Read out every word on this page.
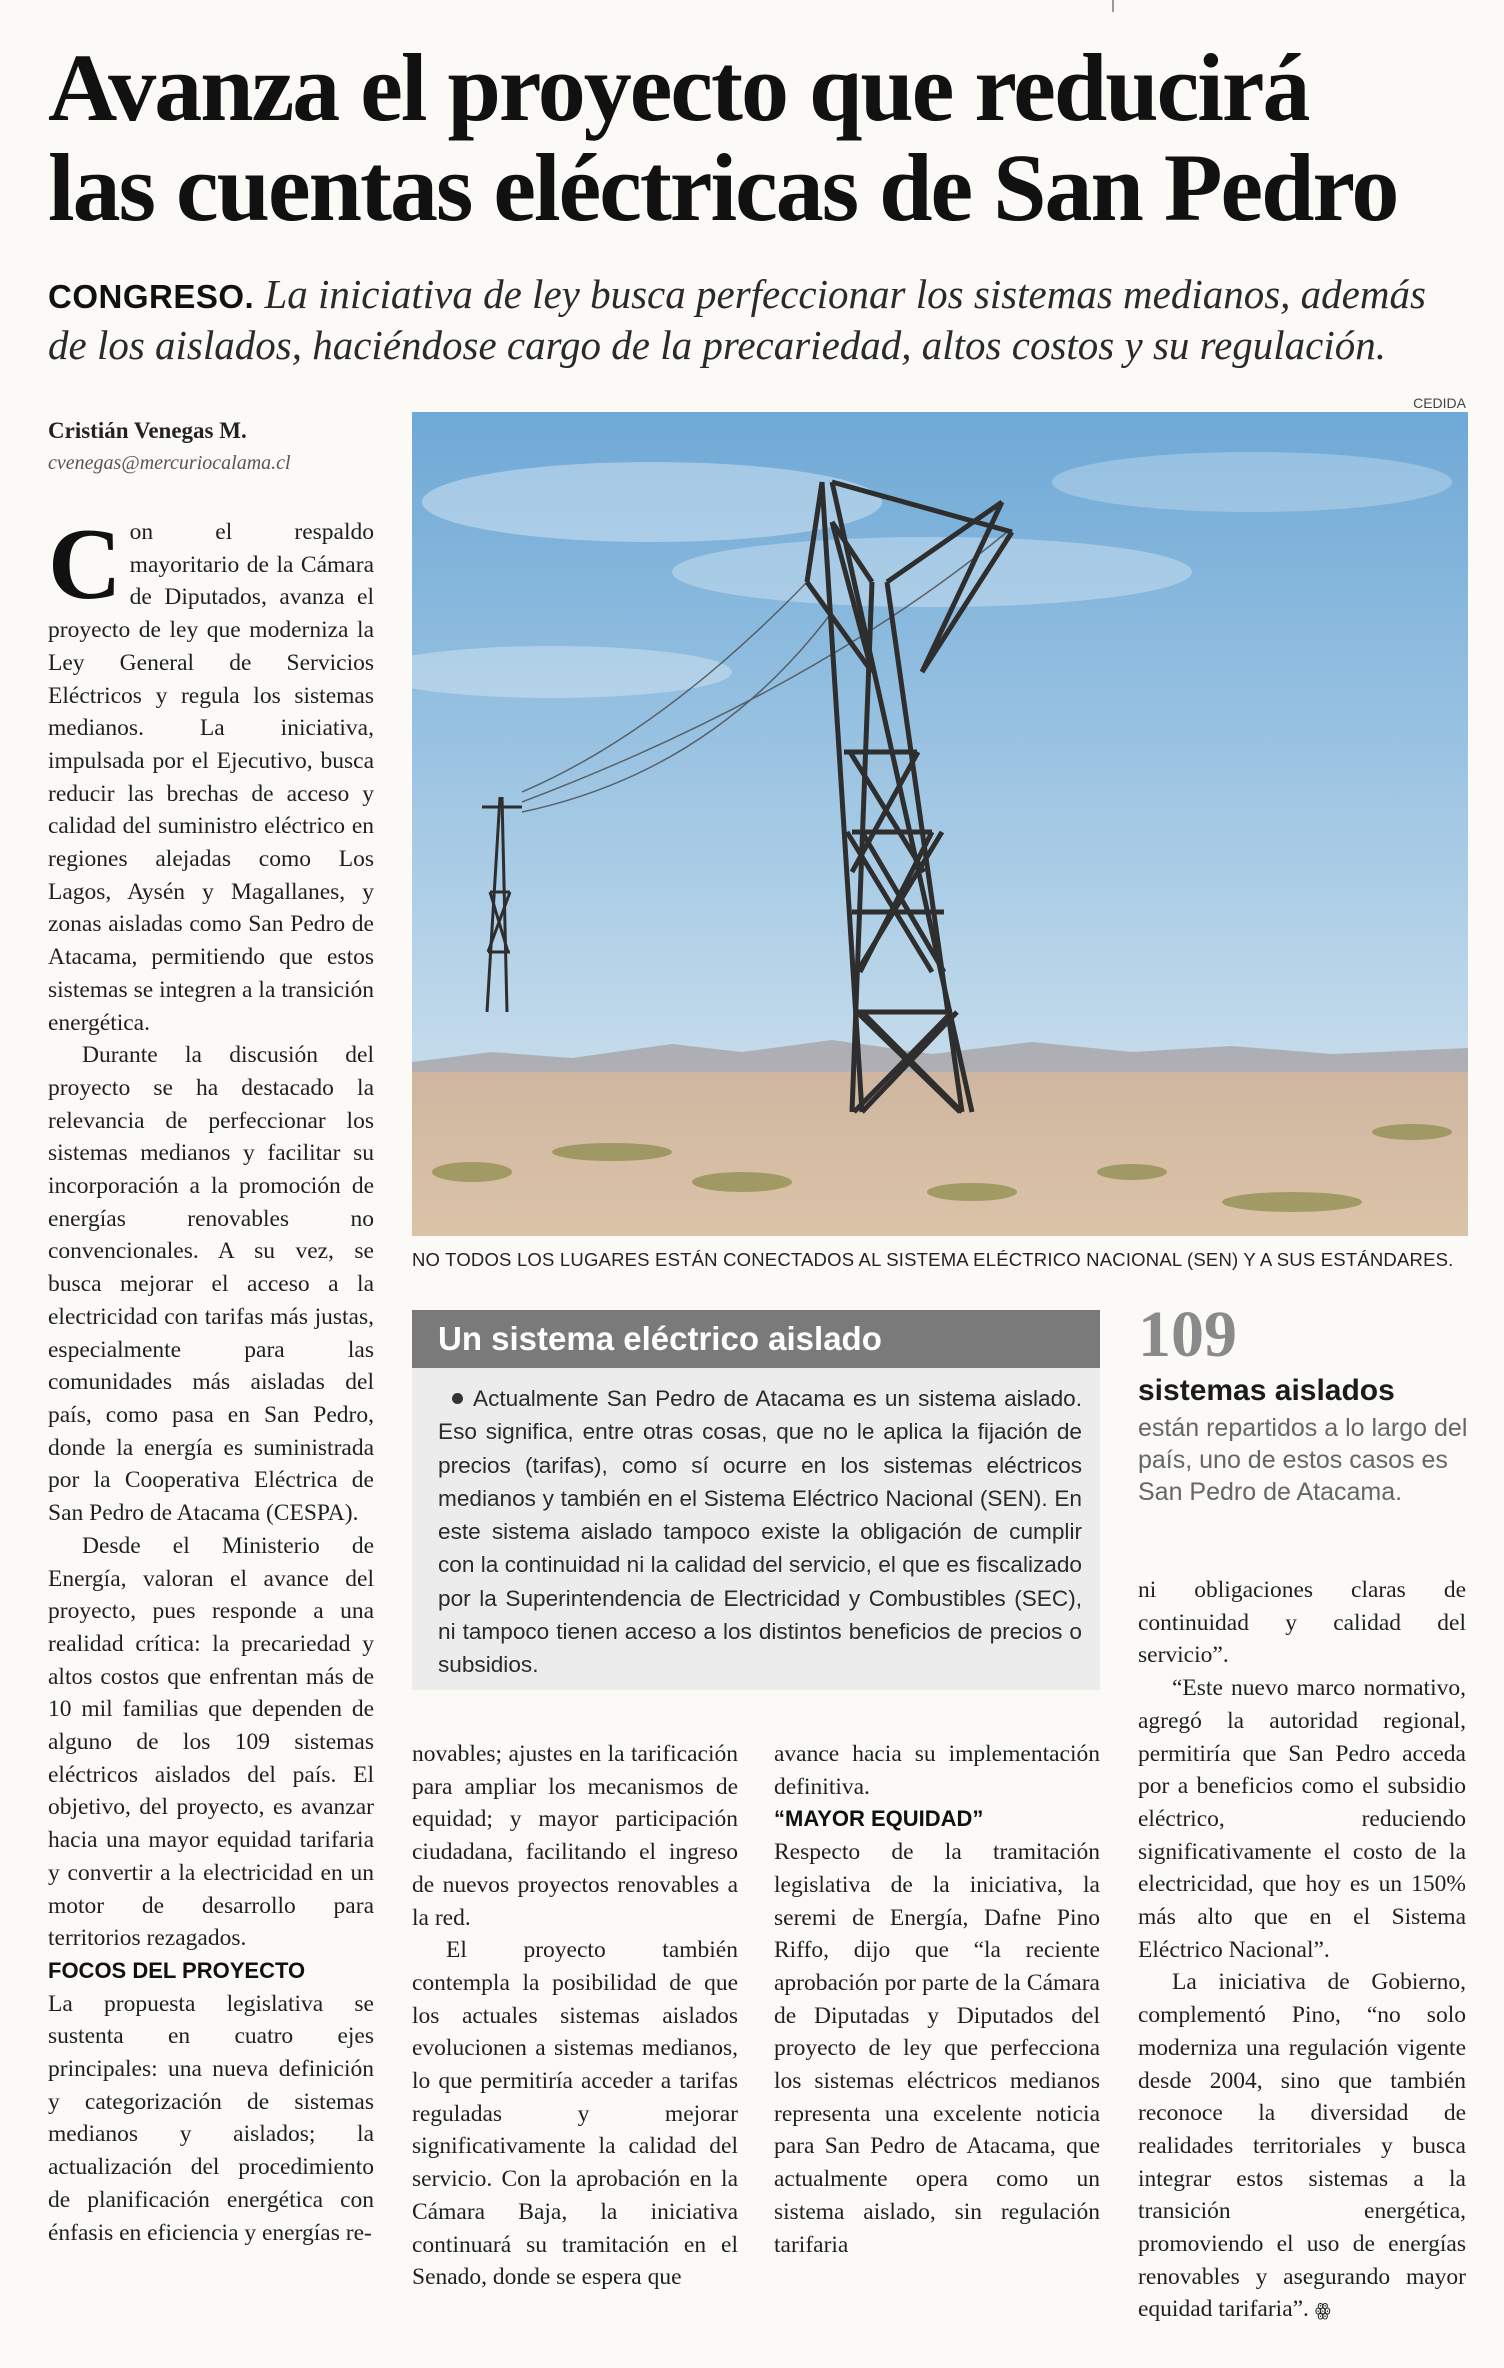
Avanza el proyecto que reducirá
las cuentas eléctricas de San Pedro
CONGRESO. La iniciativa de ley busca perfeccionar los sistemas medianos, además de los aislados, haciéndose cargo de la precariedad, altos costos y su regulación.
Cristián Venegas M.
cvenegas@mercuriocalama.cl
CEDIDA
NO TODOS LOS LUGARES ESTÁN CONECTADOS AL SISTEMA ELÉCTRICO NACIONAL (SEN) Y A SUS ESTÁNDARES.

Con el respaldo mayoritario de la Cámara de Diputados, avanza el proyecto de ley que moderniza la Ley General de Servicios Eléctricos y regula los sistemas medianos. La iniciativa, impulsada por el Ejecutivo, busca reducir las brechas de acceso y calidad del suministro eléctrico en regiones alejadas como Los Lagos, Aysén y Magallanes, y zonas aisladas como San Pedro de Atacama, permitiendo que estos sistemas se integren a la transición energética.

Durante la discusión del proyecto se ha destacado la relevancia de perfeccionar los sistemas medianos y facilitar su incorporación a la promoción de energías renovables no convencionales. A su vez, se busca mejorar el acceso a la electricidad con tarifas más justas, especialmente para las comunidades más aisladas del país, como pasa en San Pedro, donde la energía es suministrada por la Cooperativa Eléctrica de San Pedro de Atacama (CESPA).

Desde el Ministerio de Energía, valoran el avance del proyecto, pues responde a una realidad crítica: la precariedad y altos costos que enfrentan más de 10 mil familias que dependen de alguno de los 109 sistemas eléctricos aislados del país. El objetivo, del proyecto, es avanzar hacia una mayor equidad tarifaria y convertir a la electricidad en un motor de desarrollo para territorios rezagados.

FOCOS DEL PROYECTO

La propuesta legislativa se sustenta en cuatro ejes principales: una nueva definición y categorización de sistemas medianos y aislados; la actualización del procedimiento de planificación energética con énfasis en eficiencia y energías re-

Un sistema eléctrico aislado
Actualmente San Pedro de Atacama es un sistema aislado. Eso significa, entre otras cosas, que no le aplica la fijación de precios (tarifas), como sí ocurre en los sistemas eléctricos medianos y también en el Sistema Eléctrico Nacional (SEN). En este sistema aislado tampoco existe la obligación de cumplir con la continuidad ni la calidad del servicio, el que es fiscalizado por la Superintendencia de Electricidad y Combustibles (SEC), ni tampoco tienen acceso a los distintos beneficios de precios o subsidios.
109
sistemas aislados
están repartidos a lo largo del país, uno de estos casos es San Pedro de Atacama.

novables; ajustes en la tarificación para ampliar los mecanismos de equidad; y mayor participación ciudadana, facilitando el ingreso de nuevos proyectos renovables a la red.

El proyecto también contempla la posibilidad de que los actuales sistemas aislados evolucionen a sistemas medianos, lo que permitiría acceder a tarifas reguladas y mejorar significativamente la calidad del servicio. Con la aprobación en la Cámara Baja, la iniciativa continuará su tramitación en el Senado, donde se espera que

avance hacia su implementación definitiva.

“MAYOR EQUIDAD”

Respecto de la tramitación legislativa de la iniciativa, la seremi de Energía, Dafne Pino Riffo, dijo que “la reciente aprobación por parte de la Cámara de Diputadas y Diputados del proyecto de ley que perfecciona los sistemas eléctricos medianos representa una excelente noticia para San Pedro de Atacama, que actualmente opera como un sistema aislado, sin regulación tarifaria

ni obligaciones claras de continuidad y calidad del servicio”.

“Este nuevo marco normativo, agregó la autoridad regional, permitiría que San Pedro acceda por a beneficios como el subsidio eléctrico, reduciendo significativamente el costo de la electricidad, que hoy es un 150% más alto que en el Sistema Eléctrico Nacional”.

La iniciativa de Gobierno, complementó Pino, “no solo moderniza una regulación vigente desde 2004, sino que también reconoce la diversidad de realidades territoriales y busca integrar estos sistemas a la transición energética, promoviendo el uso de energías renovables y asegurando mayor equidad tarifaria”. ꙮ
